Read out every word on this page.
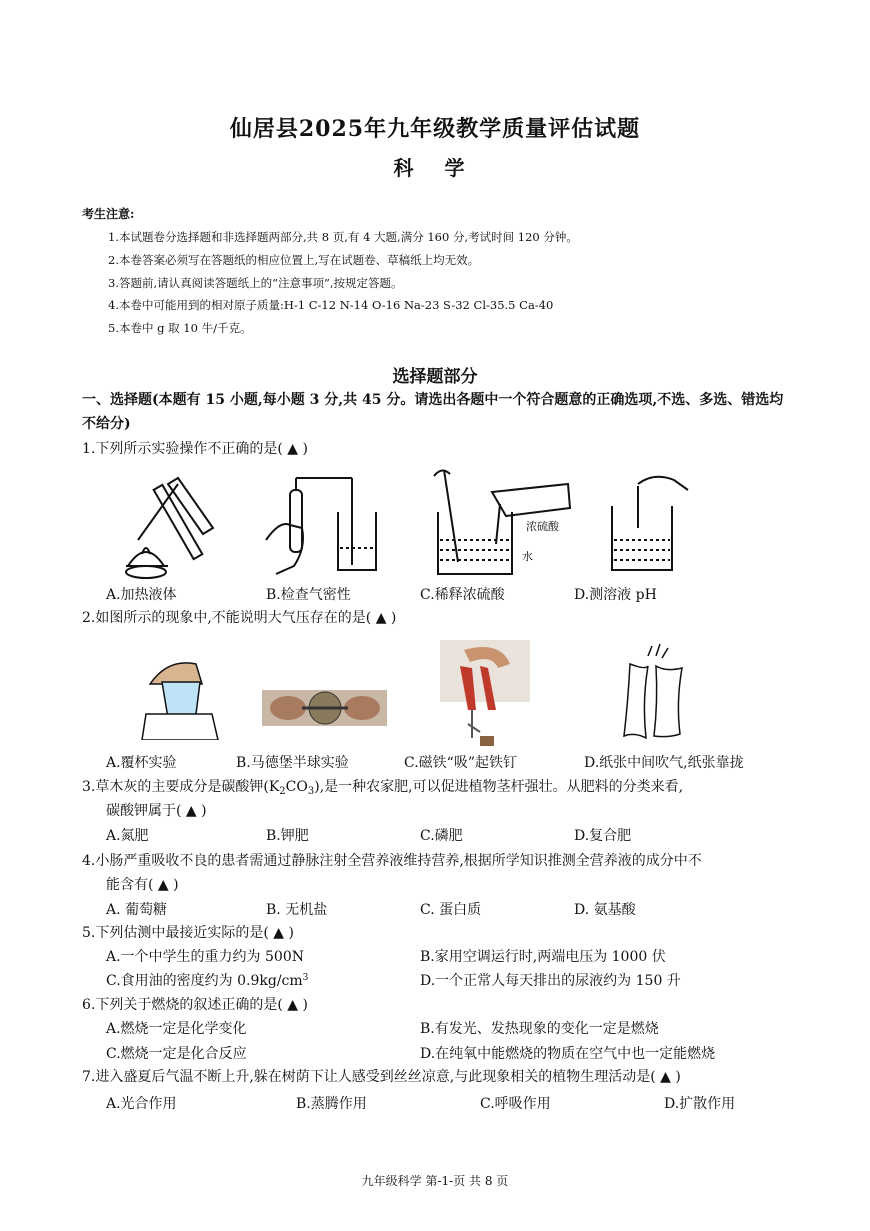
仙居县2025年九年级教学质量评估试题
科 学
考生注意:
1.本试题卷分选择题和非选择题两部分,共 8 页,有 4 大题,满分 160 分,考试时间 120 分钟。
2.本卷答案必须写在答题纸的相应位置上,写在试题卷、草稿纸上均无效。
3.答题前,请认真阅读答题纸上的“注意事项”,按规定答题。
4.本卷中可能用到的相对原子质量:H-1 C-12 N-14 O-16 Na-23 S-32 Cl-35.5 Ca-40
5.本卷中 g 取 10 牛/千克。
选择题部分
一、选择题(本题有 15 小题,每小题 3 分,共 45 分。请选出各题中一个符合题意的正确选项,不选、多选、错选均不给分)
1.下列所示实验操作不正确的是( ▲ )
浓硫酸
水
A.加热液体	B.检查气密性	C.稀释浓硫酸	D.测溶液 pH
2.如图所示的现象中,不能说明大气压存在的是( ▲ )
A.覆杯实验	B.马德堡半球实验	C.磁铁“吸”起铁钉	D.纸张中间吹气,纸张靠拢
3.草木灰的主要成分是碳酸钾$(K_2CO_3)$,是一种农家肥,可以促进植物茎杆强壮。从肥料的分类来看,
碳酸钾属于( ▲ )
A.氮肥	B.钾肥	C.磷肥	D.复合肥
4.小肠严重吸收不良的患者需通过静脉注射全营养液维持营养,根据所学知识推测全营养液的成分中不
能含有( ▲ )
A. 葡萄糖	B. 无机盐	C. 蛋白质	D. 氨基酸
5.下列估测中最接近实际的是( ▲ )
A.一个中学生的重力约为 500N	B.家用空调运行时,两端电压为 1000 伏
C.食用油的密度约为 $0.9kg/cm^3$	D.一个正常人每天排出的尿液约为 150 升
6.下列关于燃烧的叙述正确的是( ▲ )
A.燃烧一定是化学变化	B.有发光、发热现象的变化一定是燃烧
C.燃烧一定是化合反应	D.在纯氧中能燃烧的物质在空气中也一定能燃烧
7.进入盛夏后气温不断上升,躲在树荫下让人感受到丝丝凉意,与此现象相关的植物生理活动是( ▲ )
A.光合作用	B.蒸腾作用	C.呼吸作用	D.扩散作用
九年级科学 第-1-页 共 8 页
